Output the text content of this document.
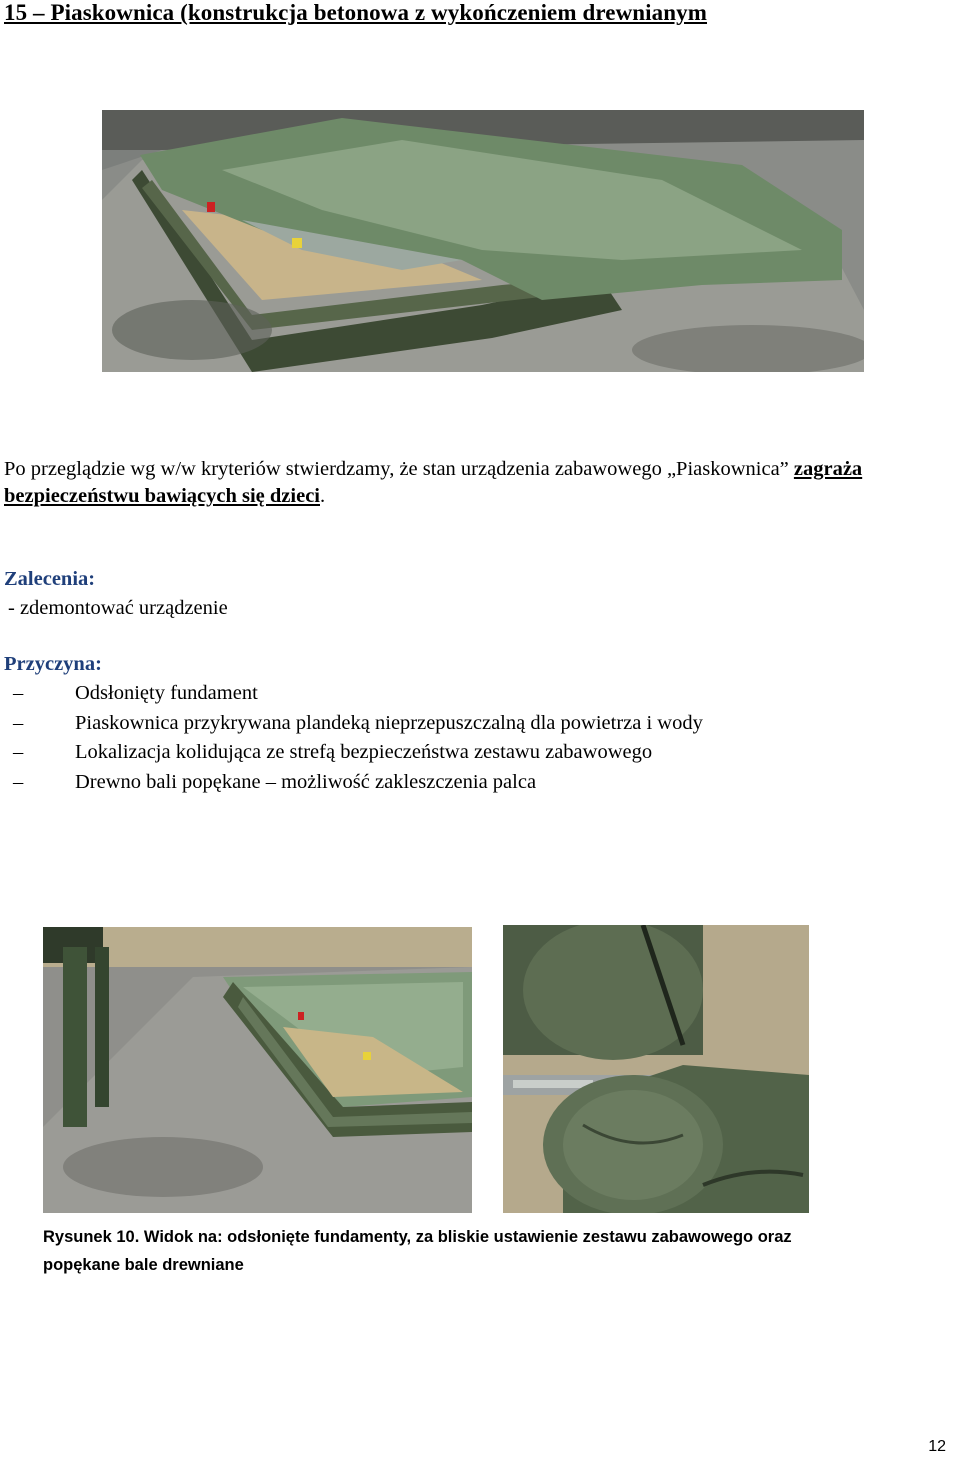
15 – Piaskownica (konstrukcja betonowa z wykończeniem drewnianym
Po przeglądzie wg w/w kryteriów stwierdzamy, że stan urządzenia zabawowego „Piaskownica” zagraża bezpieczeństwu bawiących się dzieci.
Zalecenia:
- zdemontować urządzenie
Przyczyna:
–	Odsłonięty fundament
–	Piaskownica przykrywana plandeką nieprzepuszczalną dla powietrza i wody
–	Lokalizacja kolidująca ze strefą bezpieczeństwa zestawu zabawowego
–	Drewno bali popękane – możliwość zakleszczenia palca
Rysunek 10. Widok na: odsłonięte fundamenty, za bliskie ustawienie zestawu zabawowego oraz popękane bale drewniane
12
